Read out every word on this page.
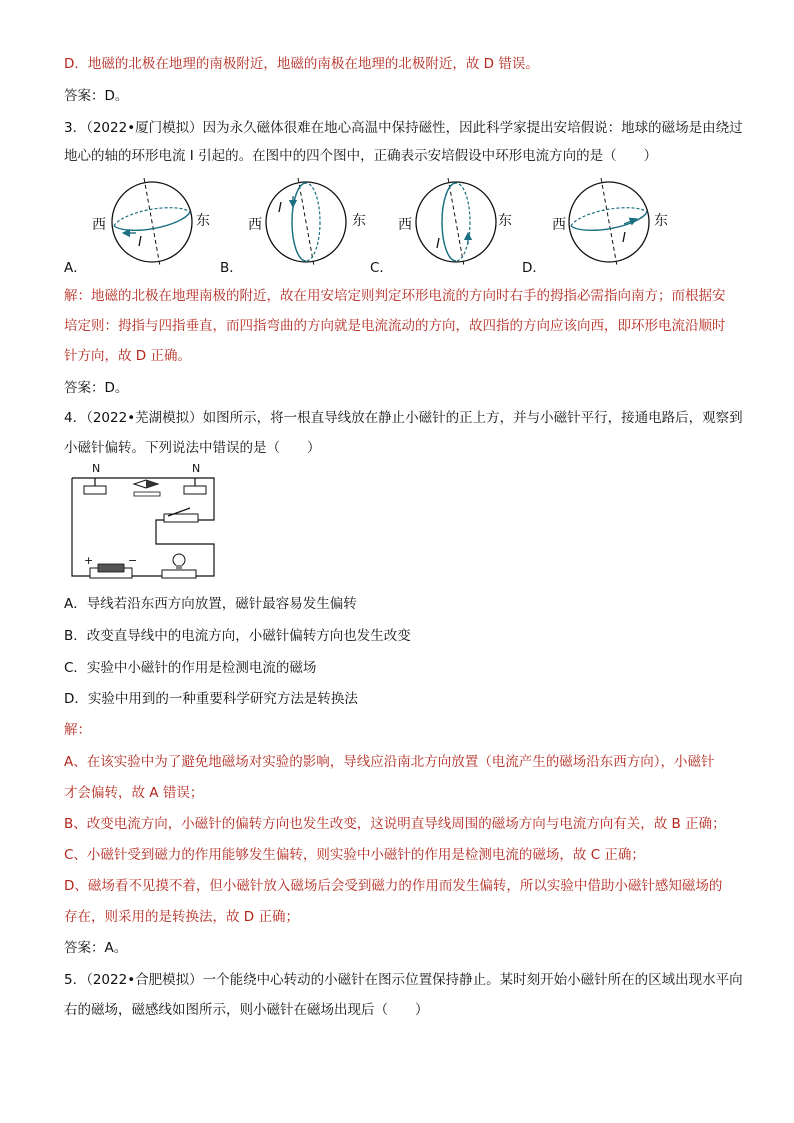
D．地磁的北极在地理的南极附近，地磁的南极在地理的北极附近，故 D 错误。
答案：D。
3．（2022•厦门模拟）因为永久磁体很难在地心高温中保持磁性，因此科学家提出安培假说：地球的磁场是由绕过
地心的轴的环形电流 I 引起的。在图中的四个图中，正确表示安培假设中环形电流方向的是（　　）
西	东
I
西	东
I
西	东
I
西	东
I
A．	B．	C．	D．
解：地磁的北极在地理南极的附近，故在用安培定则判定环形电流的方向时右手的拇指必需指向南方；而根据安
培定则：拇指与四指垂直，而四指弯曲的方向就是电流流动的方向，故四指的方向应该向西，即环形电流沿顺时
针方向，故 D 正确。
答案：D。
4．（2022•芜湖模拟）如图所示，将一根直导线放在静止小磁针的正上方，并与小磁针平行，接通电路后，观察到
小磁针偏转。下列说法中错误的是（　　）
N	N
+	−
A．导线若沿东西方向放置，磁针最容易发生偏转
B．改变直导线中的电流方向，小磁针偏转方向也发生改变
C．实验中小磁针的作用是检测电流的磁场
D．实验中用到的一种重要科学研究方法是转换法
解：
A、在该实验中为了避免地磁场对实验的影响，导线应沿南北方向放置（电流产生的磁场沿东西方向），小磁针
才会偏转，故 A 错误；
B、改变电流方向，小磁针的偏转方向也发生改变，这说明直导线周围的磁场方向与电流方向有关，故 B 正确；
C、小磁针受到磁力的作用能够发生偏转，则实验中小磁针的作用是检测电流的磁场，故 C 正确；
D、磁场看不见摸不着，但小磁针放入磁场后会受到磁力的作用而发生偏转，所以实验中借助小磁针感知磁场的
存在，则采用的是转换法，故 D 正确；
答案：A。
5．（2022•合肥模拟）一个能绕中心转动的小磁针在图示位置保持静止。某时刻开始小磁针所在的区域出现水平向
右的磁场，磁感线如图所示，则小磁针在磁场出现后（　　）
